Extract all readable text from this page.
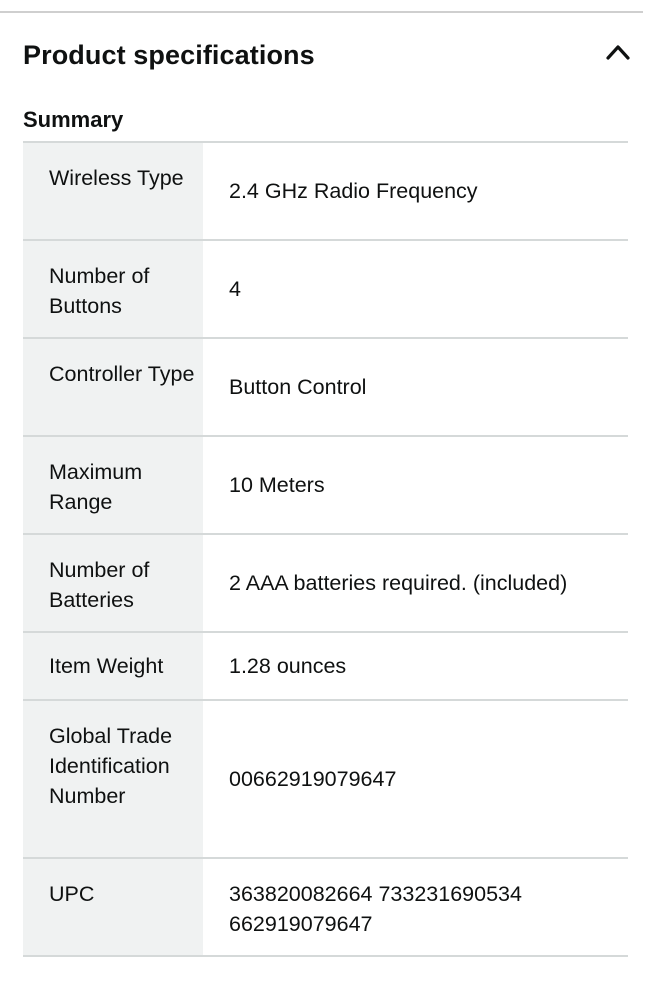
Product specifications
Summary
Wireless Type	2.4 GHz Radio Frequency
Number of Buttons	4
Controller Type	Button Control
Maximum Range	10 Meters
Number of Batteries	2 AAA batteries required. (included)
Item Weight	1.28 ounces
Global Trade Identification Number	00662919079647
UPC	363820082664 733231690534 662919079647
